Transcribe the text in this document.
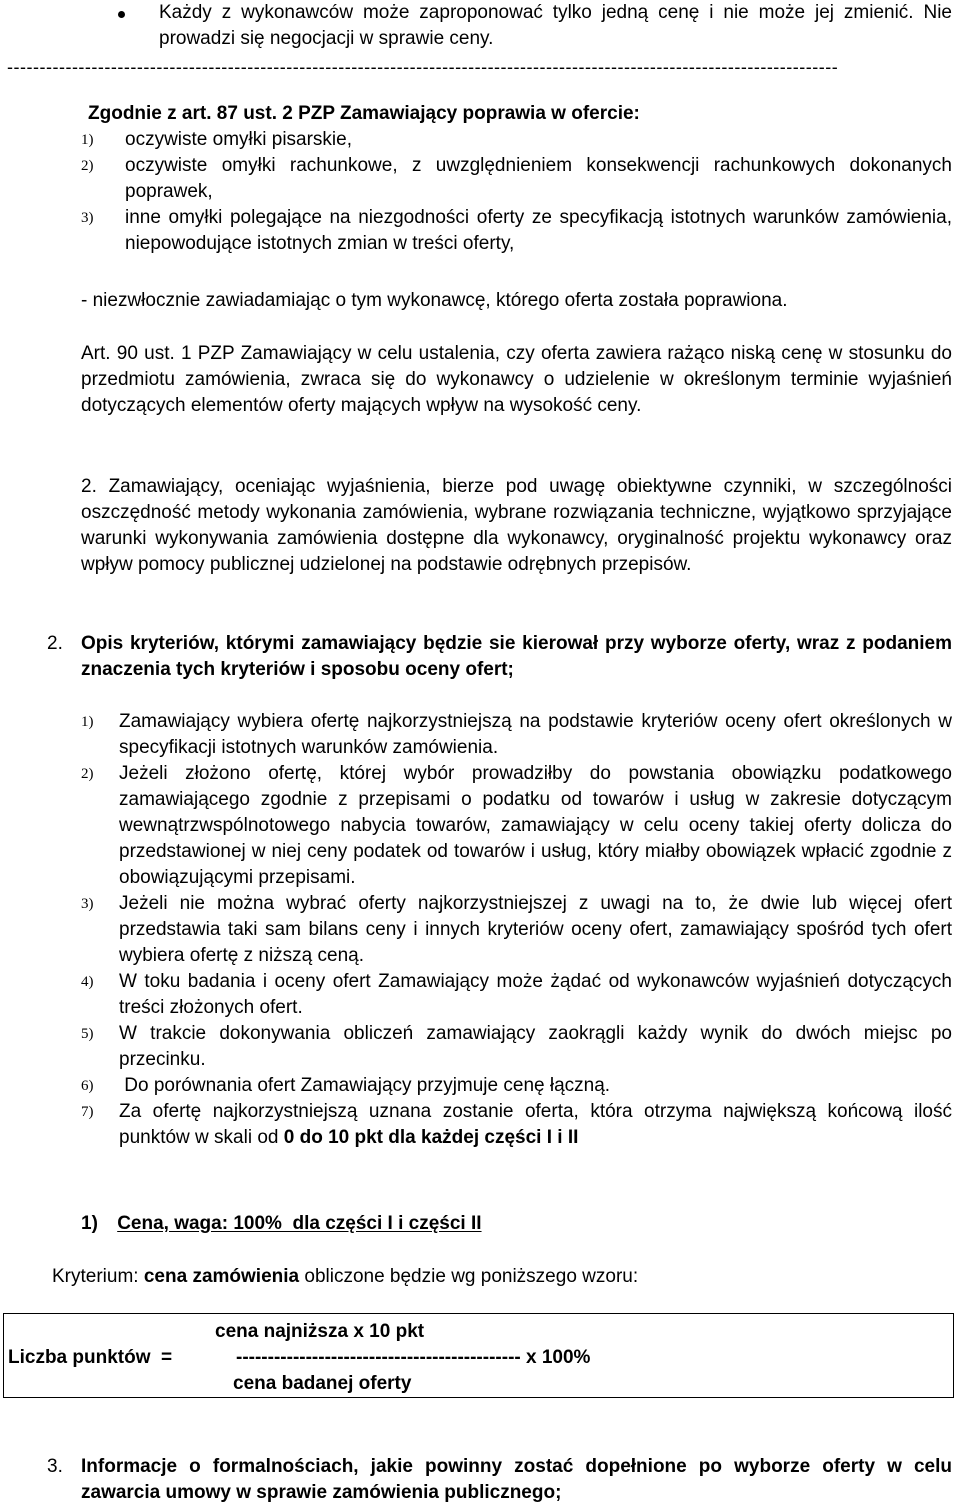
Każdy z wykonawców może zaproponować tylko jedną cenę i nie może jej zmienić. Nie prowadzi się negocjacji w sprawie ceny.
--------------------------------------------------------------------------------------------------------------------------------
Zgodnie z art. 87 ust. 2 PZP Zamawiający poprawia w ofercie:
1) oczywiste omyłki pisarskie,
2) oczywiste omyłki rachunkowe, z uwzględnieniem konsekwencji rachunkowych dokonanych poprawek,
3) inne omyłki polegające na niezgodności oferty ze specyfikacją istotnych warunków zamówienia, niepowodujące istotnych zmian w treści oferty,
- niezwłocznie zawiadamiając o tym wykonawcę, którego oferta została poprawiona.
Art. 90 ust. 1 PZP Zamawiający w celu ustalenia, czy oferta zawiera rażąco niską cenę w stosunku do przedmiotu zamówienia, zwraca się do wykonawcy o udzielenie w określonym terminie wyjaśnień dotyczących elementów oferty mających wpływ na wysokość ceny.
2. Zamawiający, oceniając wyjaśnienia, bierze pod uwagę obiektywne czynniki, w szczególności oszczędność metody wykonania zamówienia, wybrane rozwiązania techniczne, wyjątkowo sprzyjające warunki wykonywania zamówienia dostępne dla wykonawcy, oryginalność projektu wykonawcy oraz wpływ pomocy publicznej udzielonej na podstawie odrębnych przepisów.
2. Opis kryteriów, którymi zamawiający będzie sie kierował przy wyborze oferty, wraz z podaniem znaczenia tych kryteriów i sposobu oceny ofert;
1) Zamawiający wybiera ofertę najkorzystniejszą na podstawie kryteriów oceny ofert określonych w specyfikacji istotnych warunków zamówienia.
2) Jeżeli złożono ofertę, której wybór prowadziłby do powstania obowiązku podatkowego zamawiającego zgodnie z przepisami o podatku od towarów i usług w zakresie dotyczącym wewnątrzwspólnotowego nabycia towarów, zamawiający w celu oceny takiej oferty dolicza do przedstawionej w niej ceny podatek od towarów i usług, który miałby obowiązek wpłacić zgodnie z obowiązującymi przepisami.
3) Jeżeli nie można wybrać oferty najkorzystniejszej z uwagi na to, że dwie lub więcej ofert przedstawia taki sam bilans ceny i innych kryteriów oceny ofert, zamawiający spośród tych ofert wybiera ofertę z niższą ceną.
4) W toku badania i oceny ofert Zamawiający może żądać od wykonawców wyjaśnień dotyczących treści złożonych ofert.
5) W trakcie dokonywania obliczeń zamawiający zaokrągli każdy wynik do dwóch miejsc po przecinku.
6) Do porównania ofert Zamawiający przyjmuje cenę łączną.
7) Za ofertę najkorzystniejszą uznana zostanie oferta, która otrzyma największą końcową ilość punktów w skali od 0 do 10 pkt dla każdej części I i II
1) Cena, waga: 100%  dla części I i części II
Kryterium: cena zamówienia obliczone będzie wg poniższego wzoru:
cena najniższa x 10 pkt
Liczba punktów  =	--------------------------------------------- x 100%
cena badanej oferty
3. Informacje o formalnościach, jakie powinny zostać dopełnione po wyborze oferty w celu zawarcia umowy w sprawie zamówienia publicznego;
